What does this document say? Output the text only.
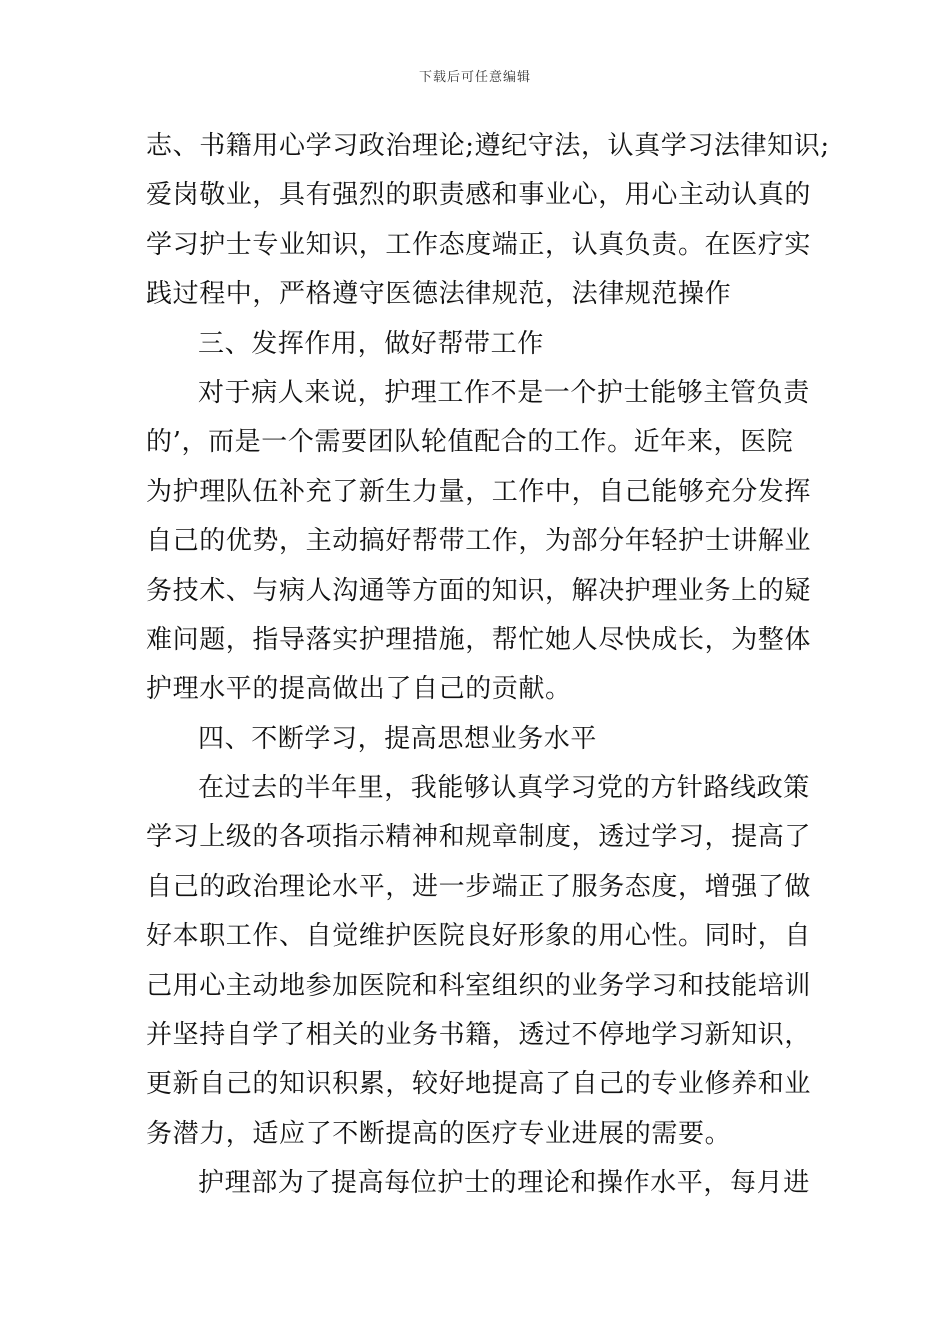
下载后可任意编辑
志、书籍用心学习政治理论;遵纪守法，认真学习法律知识;
爱岗敬业，具有强烈的职责感和事业心，用心主动认真的
学习护士专业知识，工作态度端正，认真负责。在医疗实
践过程中，严格遵守医德法律规范，法律规范操作
三、发挥作用，做好帮带工作
对于病人来说，护理工作不是一个护士能够主管负责
的’，而是一个需要团队轮值配合的工作。近年来，医院
为护理队伍补充了新生力量，工作中，自己能够充分发挥
自己的优势，主动搞好帮带工作，为部分年轻护士讲解业
务技术、与病人沟通等方面的知识，解决护理业务上的疑
难问题，指导落实护理措施，帮忙她人尽快成长，为整体
护理水平的提高做出了自己的贡献。
四、不断学习，提高思想业务水平
在过去的半年里，我能够认真学习党的方针路线政策
学习上级的各项指示精神和规章制度，透过学习，提高了
自己的政治理论水平，进一步端正了服务态度，增强了做
好本职工作、自觉维护医院良好形象的用心性。同时，自
己用心主动地参加医院和科室组织的业务学习和技能培训
并坚持自学了相关的业务书籍，透过不停地学习新知识，
更新自己的知识积累，较好地提高了自己的专业修养和业
务潜力，适应了不断提高的医疗专业进展的需要。
护理部为了提高每位护士的理论和操作水平，每月进
